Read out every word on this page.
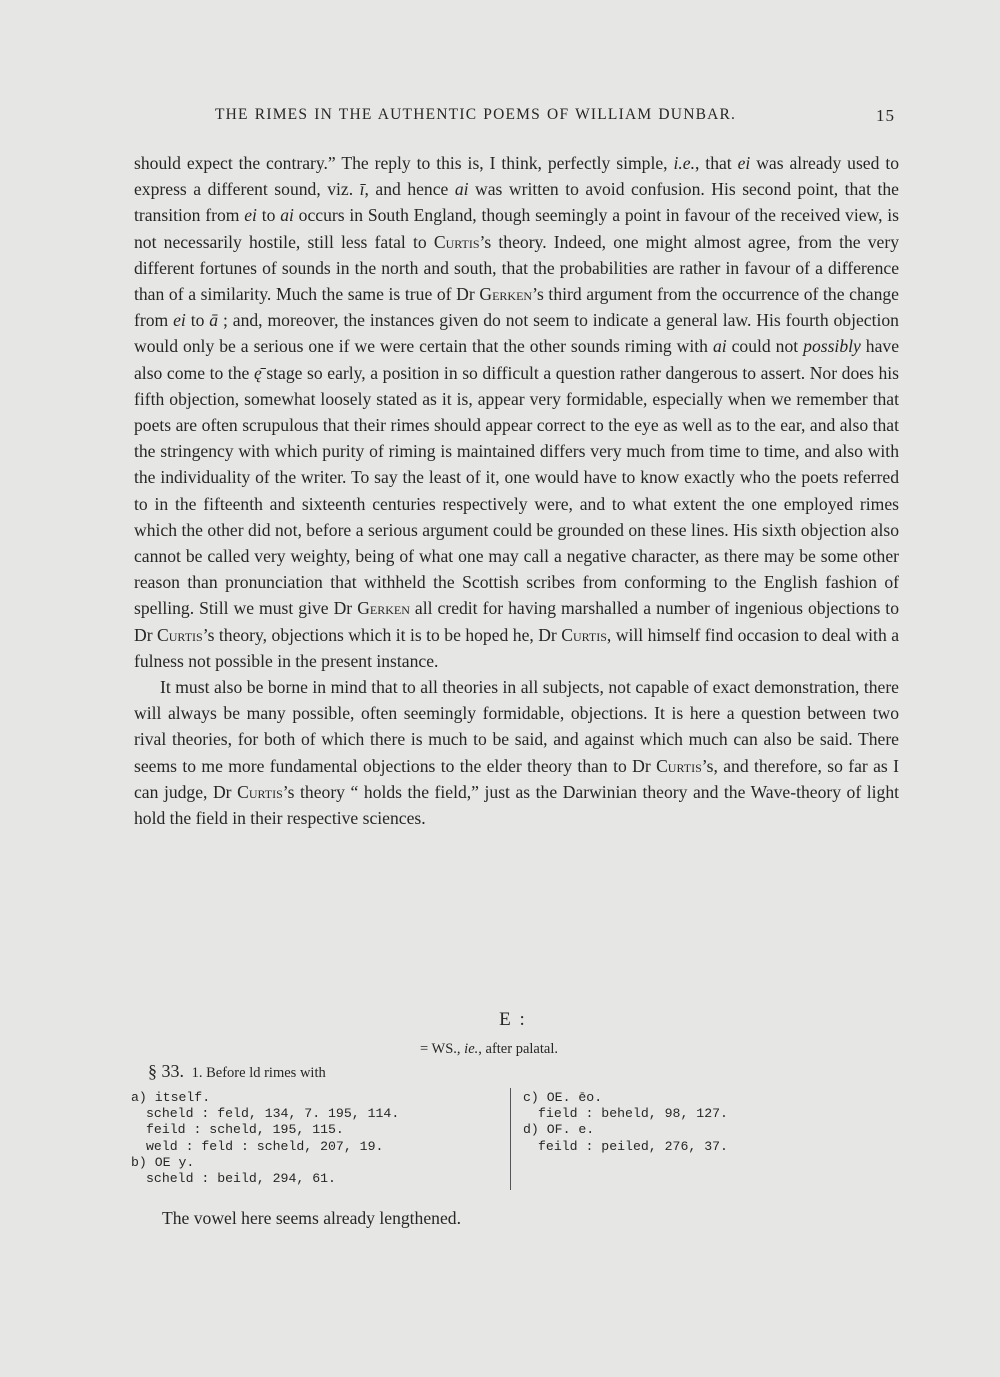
THE RIMES IN THE AUTHENTIC POEMS OF WILLIAM DUNBAR.	15

should expect the contrary.” The reply to this is, I think, perfectly simple, i.e., that ei was already used to express a different sound, viz. ī, and hence ai was written to avoid confusion. His second point, that the transition from ei to ai occurs in South England, though seemingly a point in favour of the received view, is not necessarily hostile, still less fatal to Curtis’s theory. Indeed, one might almost agree, from the very different fortunes of sounds in the north and south, that the probabilities are rather in favour of a difference than of a similarity. Much the same is true of Dr Gerken’s third argument from the occurrence of the change from ei to ā ; and, moreover, the instances given do not seem to indicate a general law. His fourth objection would only be a serious one if we were certain that the other sounds riming with ai could not possibly have also come to the ę̄ stage so early, a position in so difficult a question rather dangerous to assert. Nor does his fifth objection, somewhat loosely stated as it is, appear very formidable, especially when we remember that poets are often scrupulous that their rimes should appear correct to the eye as well as to the ear, and also that the stringency with which purity of riming is maintained differs very much from time to time, and also with the individuality of the writer. To say the least of it, one would have to know exactly who the poets referred to in the fifteenth and sixteenth centuries respectively were, and to what extent the one employed rimes which the other did not, before a serious argument could be grounded on these lines. His sixth objection also cannot be called very weighty, being of what one may call a negative character, as there may be some other reason than pronunciation that withheld the Scottish scribes from conforming to the English fashion of spelling. Still we must give Dr Gerken all credit for having marshalled a number of ingenious objections to Dr Curtis’s theory, objections which it is to be hoped he, Dr Curtis, will himself find occasion to deal with a fulness not possible in the present instance.

It must also be borne in mind that to all theories in all subjects, not capable of exact demonstration, there will always be many possible, often seemingly formidable, objections. It is here a question between two rival theories, for both of which there is much to be said, and against which much can also be said. There seems to me more fundamental objections to the elder theory than to Dr Curtis’s, and therefore, so far as I can judge, Dr Curtis’s theory “ holds the field,” just as the Darwinian theory and the Wave-theory of light hold the field in their respective sciences.

E :
= WS., ie., after palatal.
§ 33. 1. Before ld rimes with
a) itself.
scheld : feld, 134, 7. 195, 114.
feild : scheld, 195, 115.
weld : feld : scheld, 207, 19.
b) OE y.
scheld : beild, 294, 61.
c) OE. ēo.
field : beheld, 98, 127.
d) OF. e.
feild : peiled, 276, 37.
The vowel here seems already lengthened.
